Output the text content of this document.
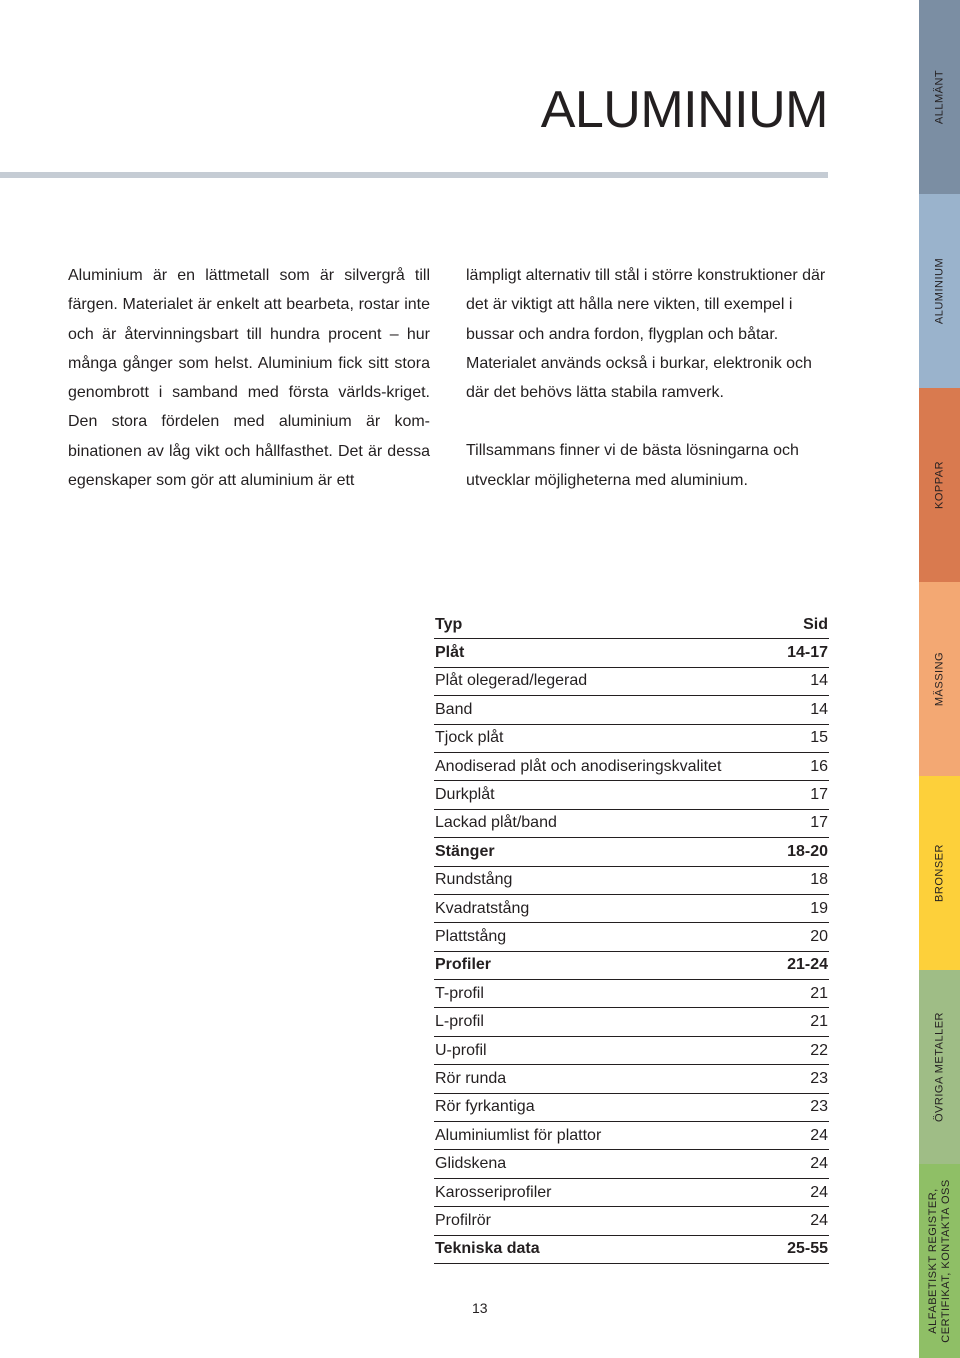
ALUMINIUM

Aluminium är en lättmetall som är silvergrå till färgen. Materialet är enkelt att bearbeta, rostar inte och är återvinningsbart till hundra procent – hur många gånger som helst. Aluminium fick sitt stora genombrott i samband med första världs-kriget. Den stora fördelen med aluminium är kom-binationen av låg vikt och hållfasthet. Det är dessa egenskaper som gör att aluminium är ett

lämpligt alternativ till stål i större konstruktioner där det är viktigt att hålla nere vikten, till exempel i bussar och andra fordon, flygplan och båtar. Materialet används också i burkar, elektronik och där det behövs lätta stabila ramverk.

Tillsammans finner vi de bästa lösningarna och utvecklar möjligheterna med aluminium.

Typ	Sid
Plåt	14-17
Plåt olegerad/legerad	14
Band	14
Tjock plåt	15
Anodiserad plåt och anodiseringskvalitet	16
Durkplåt	17
Lackad plåt/band	17
Stänger	18-20
Rundstång	18
Kvadratstång	19
Plattstång	20
Profiler	21-24
T-profil	21
L-profil	21
U-profil	22
Rör runda	23
Rör fyrkantiga	23
Aluminiumlist för plattor	24
Glidskena	24
Karosseriprofiler	24
Profilrör	24
Tekniska data	25-55
13
ALLMÄNT
ALUMINIUM
KOPPAR
MÄSSING
BRONSER
ÖVRIGA METALLER
ALFABETISKT REGISTER, CERTIFIKAT, KONTAKTA OSS
